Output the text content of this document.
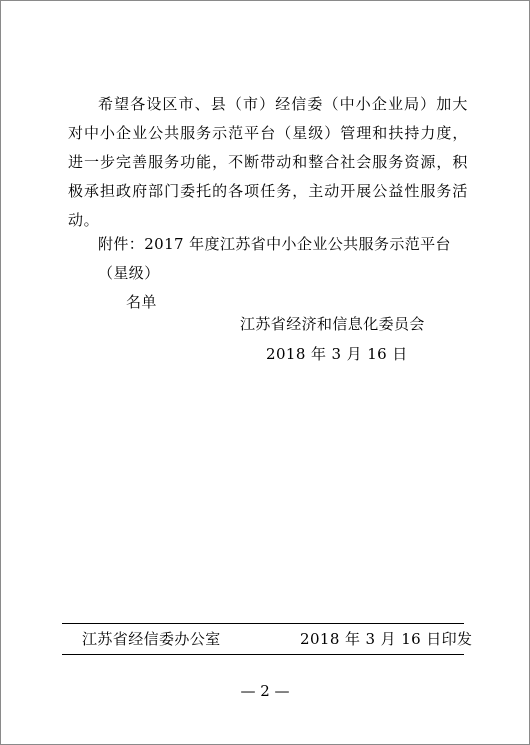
希望各设区市、县（市）经信委（中小企业局）加大对中小企业公共服务示范平台（星级）管理和扶持力度，进一步完善服务功能，不断带动和整合社会服务资源，积极承担政府部门委托的各项任务，主动开展公益性服务活动。

附件：2017 年度江苏省中小企业公共服务示范平台（星级）
名单

江苏省经济和信息化委员会
2018 年 3 月 16 日
江苏省经信委办公室	2018 年 3 月 16 日印发
— 2 —
